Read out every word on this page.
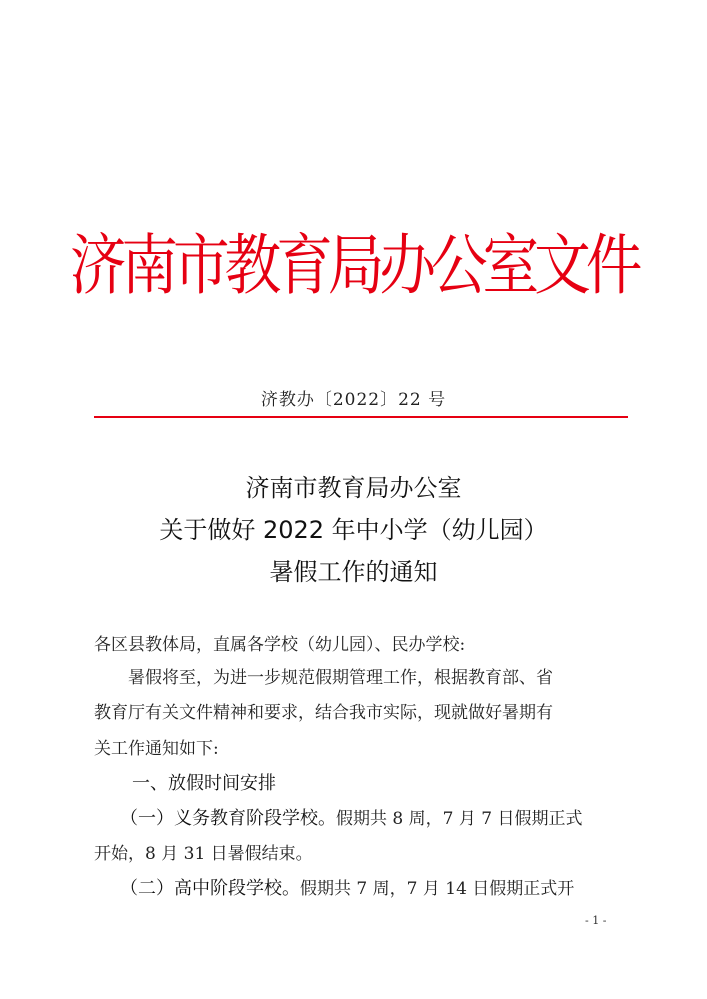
济南市教育局办公室文件
济教办〔2022〕22 号
济南市教育局办公室
关于做好 2022 年中小学（幼儿园）
暑假工作的通知
各区县教体局，直属各学校（幼儿园）、民办学校:
暑假将至，为进一步规范假期管理工作，根据教育部、省
教育厅有关文件精神和要求，结合我市实际，现就做好暑期有
关工作通知如下:
一、放假时间安排
（一）义务教育阶段学校。假期共 8 周，7 月 7 日假期正式
开始，8 月 31 日暑假结束。
（二）高中阶段学校。假期共 7 周，7 月 14 日假期正式开
- 1 -
